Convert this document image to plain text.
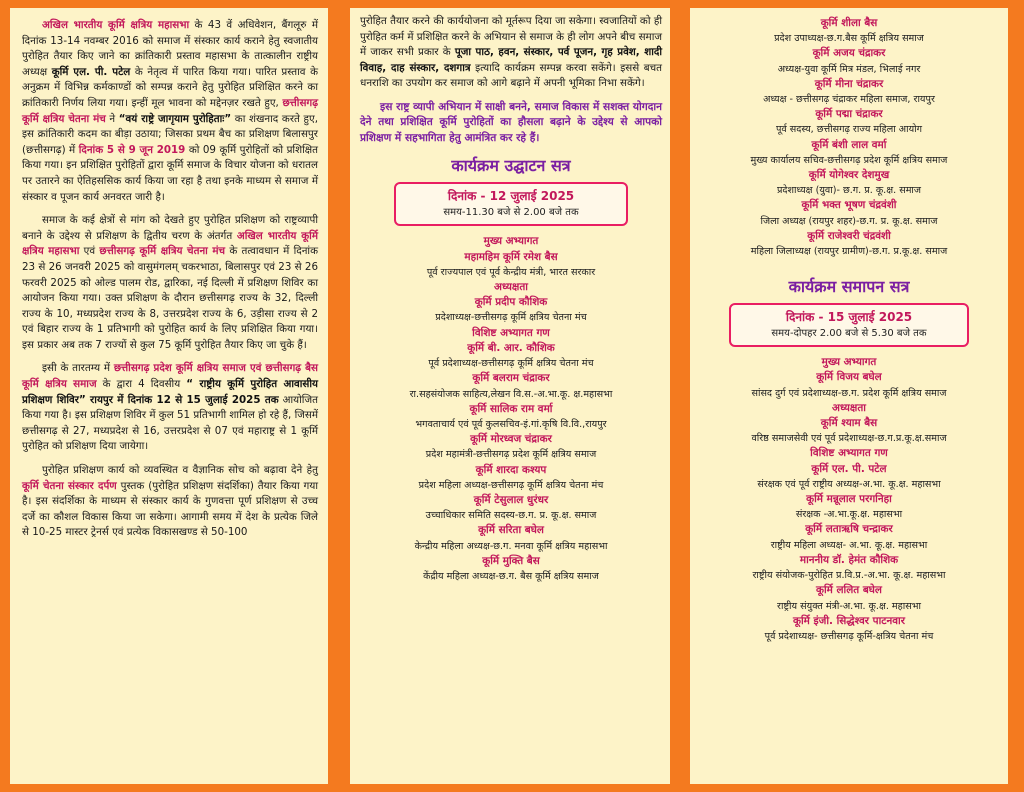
अखिल भारतीय कूर्मि क्षत्रिय महासभा के 43 वें अधिवेशन, बैंगलूरु में दिनांक 13-14 नवम्बर 2016 को समाज में संस्कार कार्य कराने हेतु स्वजातीय पुरोहित तैयार किए जाने का क्रांतिकारी प्रस्ताव महासभा के तात्कालीन राष्ट्रीय अध्यक्ष कूर्मि एल. पी. पटेल के नेतृत्व में पारित किया गया। पारित प्रस्ताव के अनुक्रम में विभिन्न कर्मकाण्डों को सम्पन्न कराने हेतु पुरोहित प्रशिक्षित करने का क्रांतिकारी निर्णय लिया गया। इन्हीं मूल भावना को मद्देनज़र रखते हुए, छत्तीसगढ़ कूर्मि क्षत्रिय चेतना मंच ने “वयं राष्ट्रे जागृयाम पुरोहिताः” का शंखनाद करते हुए, इस क्रांतिकारी कदम का बीड़ा उठाया; जिसका प्रथम बैच का प्रशिक्षण बिलासपुर (छत्तीसगढ़) में दिनांक 5 से 9 जून 2019 को 09 कूर्मि पुरोहितों को प्रशिक्षित किया गया। इन प्रशिक्षित पुरोहितों द्वारा कूर्मि समाज के विचार योजना को धरातल पर उतारने का ऐतिहससिक कार्य किया जा रहा है तथा इनके माध्यम से समाज में संस्कार व पूजन कार्य अनवरत जारी है।

समाज के कई क्षेत्रों से मांग को देखते हुए पुरोहित प्रशिक्षण को राष्ट्रव्यापी बनाने के उद्देश्य से प्रशिक्षण के द्वितीय चरण के अंतर्गत अखिल भारतीय कूर्मि क्षत्रिय महासभा एवं छत्तीसगढ़ कूर्मि क्षत्रिय चेतना मंच के तत्वावधान में दिनांक 23 से 26 जनवरी 2025 को वासुमंगलम् चकरभाठा, बिलासपुर एवं 23 से 26 फरवरी 2025 को ओल्ड पालम रोड, द्वारिका, नई दिल्ली में प्रशिक्षण शिविर का आयोजन किया गया। उक्त प्रशिक्षण के दौरान छत्तीसगढ़ राज्य के 32, दिल्ली राज्य के 10, मध्यप्रदेश राज्य के 8, उत्तरप्रदेश राज्य के 6, उड़ीसा राज्य से 2 एवं बिहार राज्य के 1 प्रतिभागी को पुरोहित कार्य के लिए प्रशिक्षित किया गया। इस प्रकार अब तक 7 राज्यों से कुल 75 कूर्मि पुरोहित तैयार किए जा चुके हैं।

इसी के तारतम्य में छत्तीसगढ़ प्रदेश कूर्मि क्षत्रिय समाज एवं छत्तीसगढ़ बैस कूर्मि क्षत्रिय समाज के द्वारा 4 दिवसीय “ राष्ट्रीय कूर्मि पुरोहित आवासीय प्रशिक्षण शिविर” रायपुर में दिनांक 12 से 15 जुलाई 2025 तक आयोजित किया गया है। इस प्रशिक्षण शिविर में कुल 51 प्रतिभागी शामिल हो रहे हैं, जिसमें छत्तीसगढ़ से 27, मध्यप्रदेश से 16, उत्तरप्रदेश से 07 एवं महाराष्ट्र से 1 कूर्मि पुरोहित को प्रशिक्षण दिया जायेगा।

पुरोहित प्रशिक्षण कार्य को व्यवस्थित व वैज्ञानिक सोच को बढ़ावा देने हेतु कूर्मि चेतना संस्कार दर्पण पुस्तक (पुरोहित प्रशिक्षण संदर्शिका) तैयार किया गया है। इस संदर्शिका के माध्यम से संस्कार कार्य के गुणवत्ता पूर्ण प्रशिक्षण से उच्च दर्जे का कौशल विकास किया जा सकेगा। आगामी समय में देश के प्रत्येक जिले से 10-25 मास्टर ट्रेनर्स एवं प्रत्येक विकासखण्ड से 50-100

पुरोहित तैयार करने की कार्ययोजना को मूर्तरूप दिया जा सकेगा। स्वजातियों को ही पुरोहित कर्म में प्रशिक्षित करने के अभियान से समाज के ही लोग अपने बीच समाज में जाकर सभी प्रकार के पूजा पाठ, हवन, संस्कार, पर्व पूजन, गृह प्रवेश, शादी विवाह, दाह संस्कार, दशगात्र इत्यादि कार्यक्रम सम्पन्न करवा सकेंगे। इससे बचत धनराशि का उपयोग कर समाज को आगे बढ़ाने में अपनी भूमिका निभा सकेंगे।

इस राष्ट्र व्यापी अभियान में साक्षी बनने, समाज विकास में सशक्त योगदान देने तथा प्रशिक्षित कूर्मि पुरोहितों का हौसला बढ़ाने के उद्देश्य से आपको प्रशिक्षण में सहभागिता हेतु आमंत्रित कर रहे हैं।

कार्यक्रम उद्घाटन सत्र
दिनांक - 12 जुलाई 2025
समय-11.30 बजे से 2.00 बजे तक
मुख्य अभ्यागत
महामहिम कूर्मि रमेश बैस
पूर्व राज्यपाल एवं पूर्व केन्द्रीय मंत्री, भारत सरकार
अध्यक्षता
कूर्मि प्रदीप कौशिक
प्रदेशाध्यक्ष-छत्तीसगढ़ कूर्मि क्षत्रिय चेतना मंच
विशिष्ट अभ्यागत गण
कूर्मि बी. आर. कौशिक
पूर्व प्रदेशाध्यक्ष-छत्तीसगढ़ कूर्मि क्षत्रिय चेतना मंच
कूर्मि बलराम चंद्राकर
रा.सहसंयोजक साहित्य,लेखन वि.स.-अ.भा.कू. क्ष.महासभा
कूर्मि सालिक राम वर्मा
भगवताचार्य एवं पूर्व कुलसचिव-इं.गां.कृषि वि.वि.,रायपुर
कूर्मि मोरध्वज चंद्राकर
प्रदेश महामंत्री-छत्तीसगढ़ प्रदेश कूर्मि क्षत्रिय समाज
कूर्मि शारदा कश्यप
प्रदेश महिला अध्यक्ष-छत्तीसगढ़ कूर्मि क्षत्रिय चेतना मंच
कूर्मि टेसुलाल धुरंधर
उच्चाधिकार समिति सदस्य-छ.ग. प्र. कू.क्ष. समाज
कूर्मि सरिता बघेल
केन्द्रीय महिला अध्यक्ष-छ.ग. मनवा कूर्मि क्षत्रिय महासभा
कूर्मि मुक्ति बैस
केंद्रीय महिला अध्यक्ष-छ.ग. बैस कूर्मि क्षत्रिय समाज
कूर्मि शीला बैस
प्रदेश उपाध्यक्ष-छ.ग.बैस कूर्मि क्षत्रिय समाज
कूर्मि अजय चंद्राकर
अध्यक्ष-युवा कूर्मि मित्र मंडल, भिलाई नगर
कूर्मि मीना चंद्राकर
अध्यक्ष - छत्तीसगढ़ चंद्राकर महिला समाज, रायपुर
कूर्मि पद्मा चंद्राकर
पूर्व सदस्य, छत्तीसगढ़ राज्य महिला आयोग
कूर्मि बंशी लाल वर्मा
मुख्य कार्यालय सचिव-छत्तीसगढ़ प्रदेश कूर्मि क्षत्रिय समाज
कूर्मि योगेश्वर देशमुख
प्रदेशाध्यक्ष (युवा)- छ.ग. प्र. कू.क्ष. समाज
कूर्मि भक्त भूषण चंद्रवंशी
जिला अध्यक्ष (रायपुर शहर)-छ.ग. प्र. कू.क्ष. समाज
कूर्मि राजेश्वरी चंद्रवंशी
महिला जिलाध्यक्ष (रायपुर ग्रामीण)-छ.ग. प्र.कू.क्ष. समाज
कार्यक्रम समापन सत्र
दिनांक - 15 जुलाई 2025
समय-दोपहर 2.00 बजे से 5.30 बजे तक
मुख्य अभ्यागत
कूर्मि विजय बघेल
सांसद दुर्ग एवं प्रदेशाध्यक्ष-छ.ग. प्रदेश कूर्मि क्षत्रिय समाज
अध्यक्षता
कूर्मि श्याम बैस
वरिष्ठ समाजसेवी एवं पूर्व प्रदेशाध्यक्ष-छ.ग.प्र.कू.क्ष.समाज
विशिष्ट अभ्यागत गण
कूर्मि एल. पी. पटेल
संरक्षक एवं पूर्व राष्ट्रीय अध्यक्ष-अ.भा. कू.क्ष. महासभा
कूर्मि मन्नूलाल परगनिहा
संरक्षक -अ.भा.कू.क्ष. महासभा
कूर्मि लताऋषि चन्द्राकर
राष्ट्रीय महिला अध्यक्ष- अ.भा. कू.क्ष. महासभा
माननीय डॉ. हेमंत कौशिक
राष्ट्रीय संयोजक-पुरोहित प्र.वि.प्र.-अ.भा. कू.क्ष. महासभा
कूर्मि ललित बघेल
राष्ट्रीय संयुक्त मंत्री-अ.भा. कू.क्ष. महासभा
कूर्मि इंजी. सिद्धेश्वर पाटनवार
पूर्व प्रदेशाध्यक्ष- छत्तीसगढ़ कूर्मि-क्षत्रिय चेतना मंच
